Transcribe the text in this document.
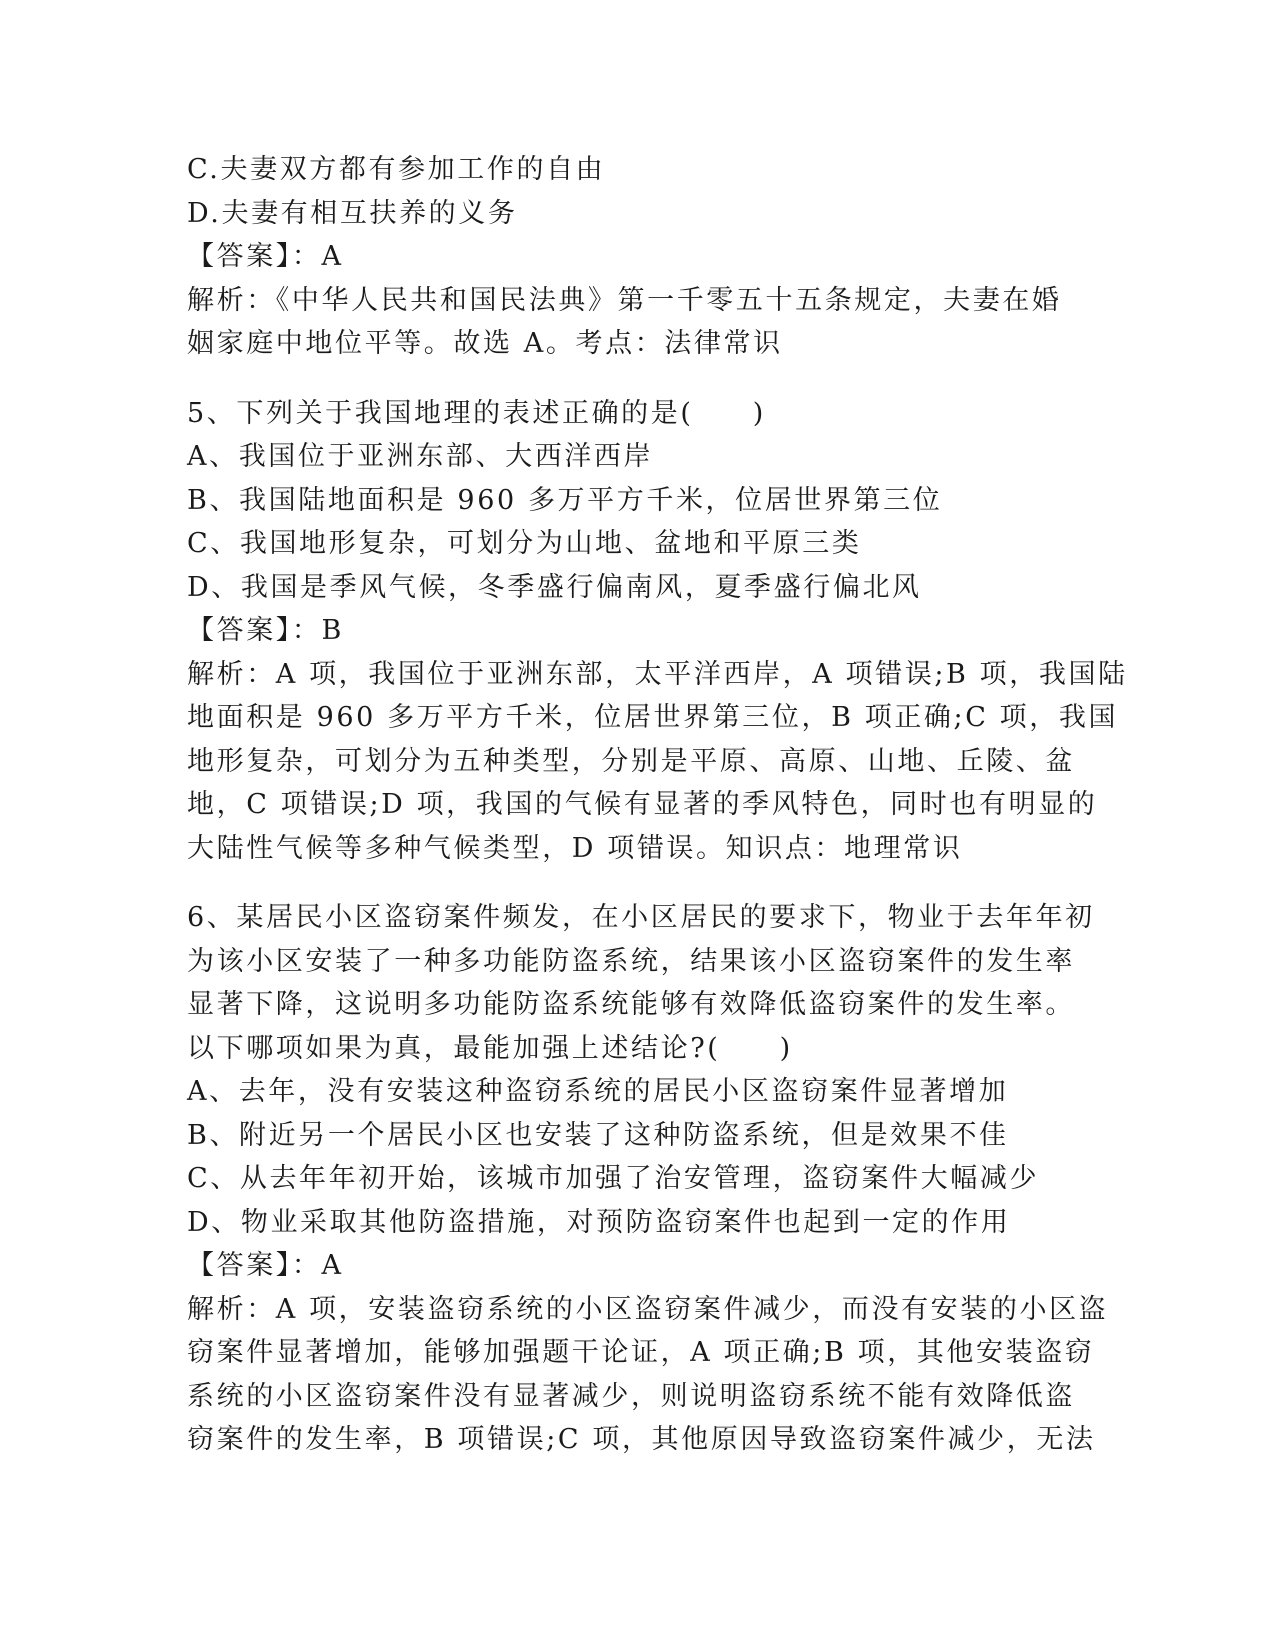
C.夫妻双方都有参加工作的自由
D.夫妻有相互扶养的义务
【答案】：A
解析：《中华人民共和国民法典》第一千零五十五条规定，夫妻在婚
姻家庭中地位平等。故选 A。考点：法律常识
5、下列关于我国地理的表述正确的是(　　)
A、我国位于亚洲东部、大西洋西岸
B、我国陆地面积是 960 多万平方千米，位居世界第三位
C、我国地形复杂，可划分为山地、盆地和平原三类
D、我国是季风气候，冬季盛行偏南风，夏季盛行偏北风
【答案】：B
解析：A 项，我国位于亚洲东部，太平洋西岸，A 项错误;B 项，我国陆
地面积是 960 多万平方千米，位居世界第三位，B 项正确;C 项，我国
地形复杂，可划分为五种类型，分别是平原、高原、山地、丘陵、盆
地，C 项错误;D 项，我国的气候有显著的季风特色，同时也有明显的
大陆性气候等多种气候类型，D 项错误。知识点：地理常识
6、某居民小区盗窃案件频发，在小区居民的要求下，物业于去年年初
为该小区安装了一种多功能防盗系统，结果该小区盗窃案件的发生率
显著下降，这说明多功能防盗系统能够有效降低盗窃案件的发生率。
以下哪项如果为真，最能加强上述结论?(　　)
A、去年，没有安装这种盗窃系统的居民小区盗窃案件显著增加
B、附近另一个居民小区也安装了这种防盗系统，但是效果不佳
C、从去年年初开始，该城市加强了治安管理，盗窃案件大幅减少
D、物业采取其他防盗措施，对预防盗窃案件也起到一定的作用
【答案】：A
解析：A 项，安装盗窃系统的小区盗窃案件减少，而没有安装的小区盗
窃案件显著增加，能够加强题干论证，A 项正确;B 项，其他安装盗窃
系统的小区盗窃案件没有显著减少，则说明盗窃系统不能有效降低盗
窃案件的发生率，B 项错误;C 项，其他原因导致盗窃案件减少，无法
